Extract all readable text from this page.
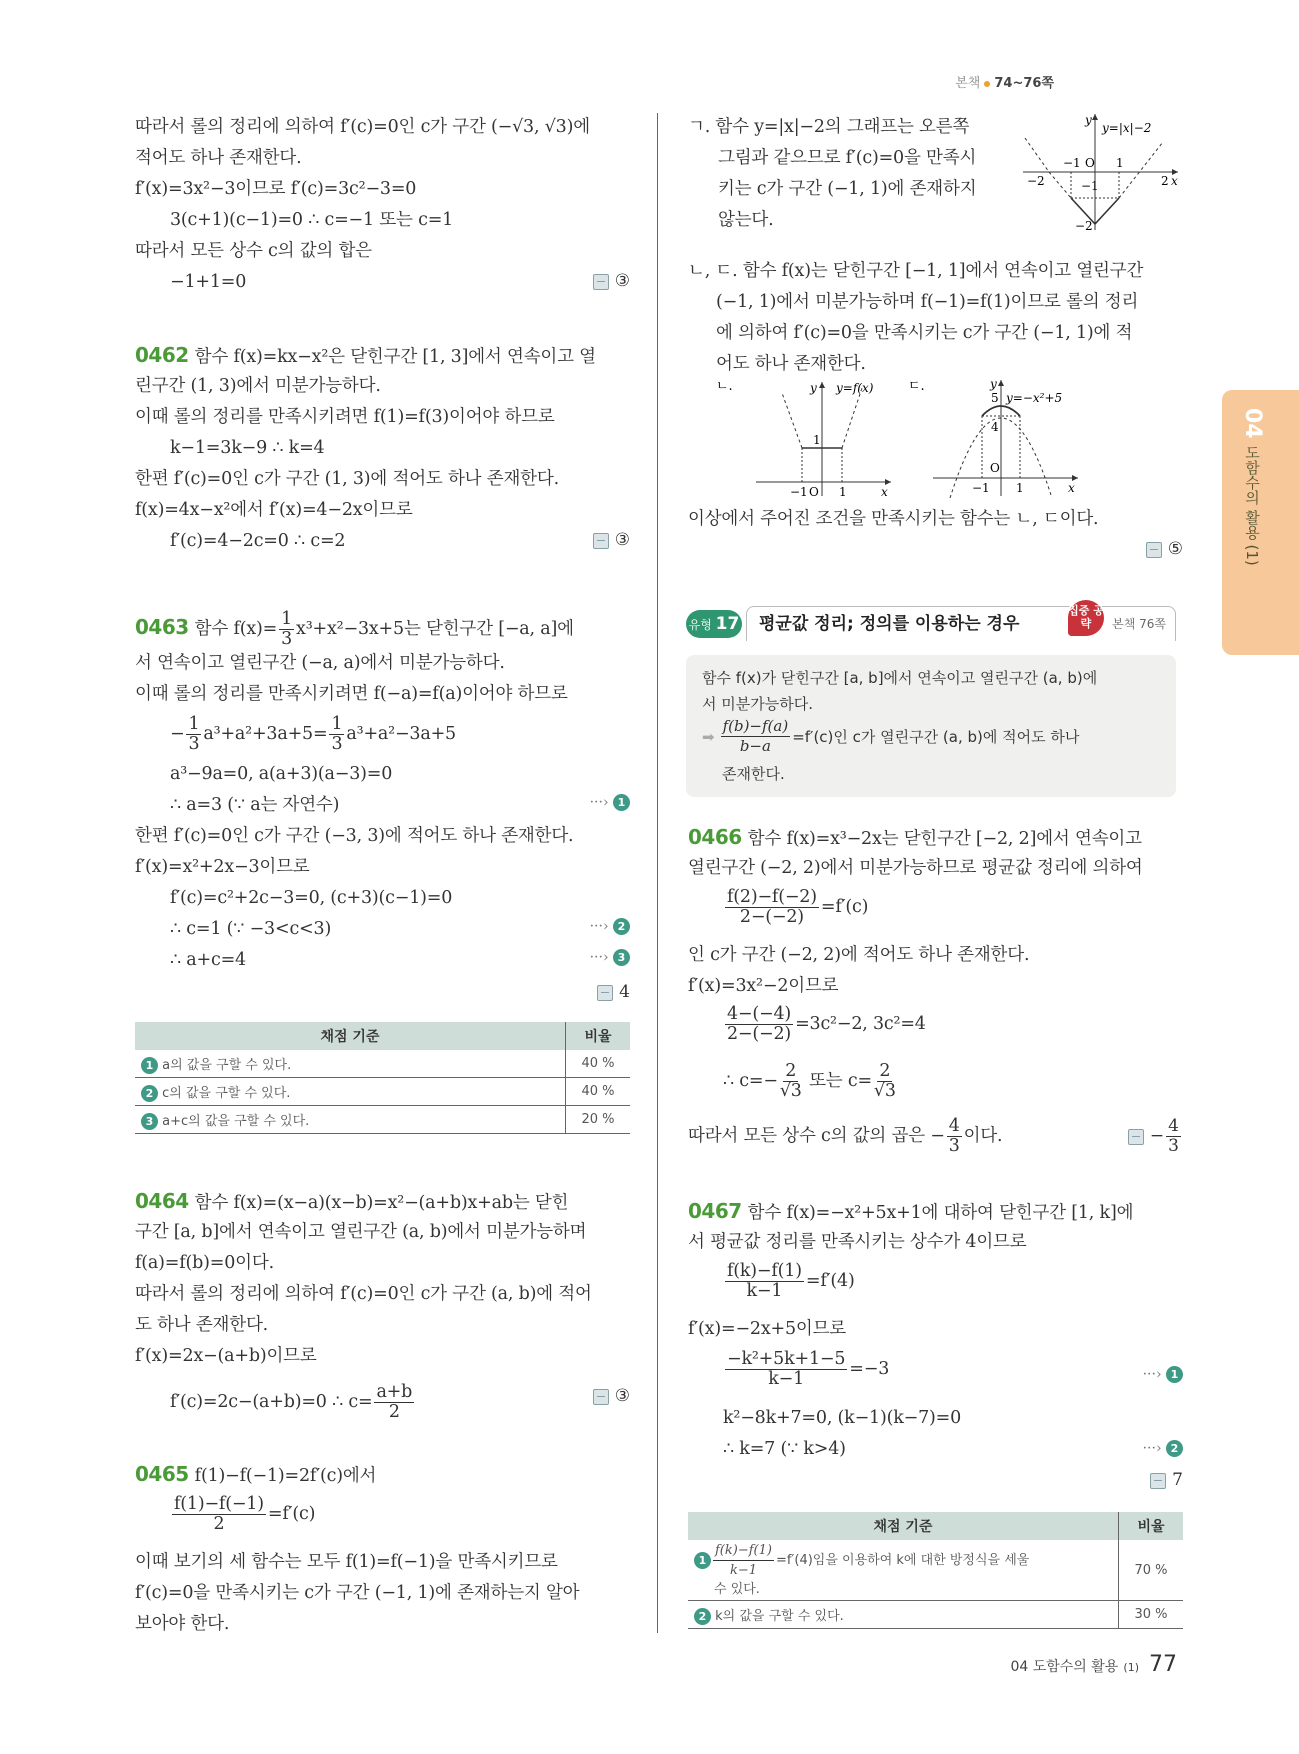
본책 74~76쪽
04
도함수의 활용 (1)
따라서 롤의 정리에 의하여 f′(c)=0인 c가 구간 (−√3, √3)에
적어도 하나 존재한다.
f′(x)=3x²−3이므로 f′(c)=3c²−3=0
3(c+1)(c−1)=0 ∴ c=−1 또는 c=1
따라서 모든 상수 c의 값의 합은
−1+1=0	③
0462 함수 f(x)=kx−x²은 닫힌구간 [1, 3]에서 연속이고 열
린구간 (1, 3)에서 미분가능하다.
이때 롤의 정리를 만족시키려면 f(1)=f(3)이어야 하므로
k−1=3k−9 ∴ k=4
한편 f′(c)=0인 c가 구간 (1, 3)에 적어도 하나 존재한다.
f(x)=4x−x²에서 f′(x)=4−2x이므로
f′(c)=4−2c=0 ∴ c=2	③
0463 함수 $f(x)= \frac{1}{3} x^3+x^2-3x+5$는 닫힌구간 [−a, a]에
서 연속이고 열린구간 (−a, a)에서 미분가능하다.
이때 롤의 정리를 만족시키려면 f(−a)=f(a)이어야 하므로
− $\frac{1}{3} a^3+a^2+3a+5= \frac{1}{3} a^3+a^2-3a+5$
a³−9a=0, a(a+3)(a−3)=0
∴ a=3 (∵ a는 자연수)	···› 1
한편 f′(c)=0인 c가 구간 (−3, 3)에 적어도 하나 존재한다.
f′(x)=x²+2x−3이므로
f′(c)=c²+2c−3=0, (c+3)(c−1)=0
∴ c=1 (∵ −3<c<3)	···› 2
∴ a+c=4	···› 3
4
채점 기준	비율
1 a의 값을 구할 수 있다.	40 %
2 c의 값을 구할 수 있다.	40 %
3 a+c의 값을 구할 수 있다.	20 %
0464 함수 f(x)=(x−a)(x−b)=x²−(a+b)x+ab는 닫힌
구간 [a, b]에서 연속이고 열린구간 (a, b)에서 미분가능하며
f(a)=f(b)=0이다.
따라서 롤의 정리에 의하여 f′(c)=0인 c가 구간 (a, b)에 적어
도 하나 존재한다.
f′(x)=2x−(a+b)이므로
f′(c)=2c−(a+b)=0 ∴ $c= \frac{a+b}{2}$	③
0465 f(1)−f(−1)=2f′(c)에서
$\frac{f(1)-f(-1)}{2} =f'(c)$
이때 보기의 세 함수는 모두 f(1)=f(−1)을 만족시키므로
f′(c)=0을 만족시키는 c가 구간 (−1, 1)에 존재하는지 알아
보아야 한다.
ㄱ. 함수 y=|x|−2의 그래프는 오른쪽
그림과 같으므로 f′(c)=0을 만족시
키는 c가 구간 (−1, 1)에 존재하지
않는다.
y
y=|x|−2
−1 O 1
−2	2 x
−1
−2
ㄴ, ㄷ. 함수 f(x)는 닫힌구간 [−1, 1]에서 연속이고 열린구간
(−1, 1)에서 미분가능하며 f(−1)=f(1)이므로 롤의 정리
에 의하여 f′(c)=0을 만족시키는 c가 구간 (−1, 1)에 적
어도 하나 존재한다.
ㄴ.	y y=f(x)
1
−1 O 1	x
ㄷ.	y
5 y=−x²+5
4
O
−1 1	x
이상에서 주어진 조건을 만족시키는 함수는 ㄴ, ㄷ이다.
⑤
유형 17	평균값 정리; 정의를 이용하는 경우
집중 공략	본책 76쪽
함수 f(x)가 닫힌구간 [a, b]에서 연속이고 열린구간 (a, b)에
서 미분가능하다.
➡ $\frac{f(b)-f(a)}{b-a} =f'(c)$인 c가 열린구간 (a, b)에 적어도 하나
존재한다.
0466 함수 f(x)=x³−2x는 닫힌구간 [−2, 2]에서 연속이고
열린구간 (−2, 2)에서 미분가능하므로 평균값 정리에 의하여
$\frac{f(2)-f(-2)}{2-(-2)} =f'(c)$
인 c가 구간 (−2, 2)에 적어도 하나 존재한다.
f′(x)=3x²−2이므로
$\frac{4-(-4)}{2-(-2)} =3c^2-2$, 3c²=4
∴ $c=- \frac{2}{√3}$ 또는 $c= \frac{2}{√3}$
따라서 모든 상수 c의 값의 곱은 − $\frac{4}{3}$ 이다.	− $\frac{4}{3}$
0467 함수 f(x)=−x²+5x+1에 대하여 닫힌구간 [1, k]에
서 평균값 정리를 만족시키는 상수가 4이므로
$\frac{f(k)-f(1)}{k-1} =f'(4)$
f′(x)=−2x+5이므로
$\frac{\text{−k²+5k+1−5}}{k-1} =-3$	···› 1
k²−8k+7=0, (k−1)(k−7)=0
∴ k=7 (∵ k>4)	···› 2
7
채점 기준	비율
$1 \frac{f(k)-f(1)}{k-1} =f'(4)$임을 이용하여 k에 대한 방정식을 세울
수 있다.	70 %
2 k의 값을 구할 수 있다.	30 %
04 도함수의 활용 (1) 77
